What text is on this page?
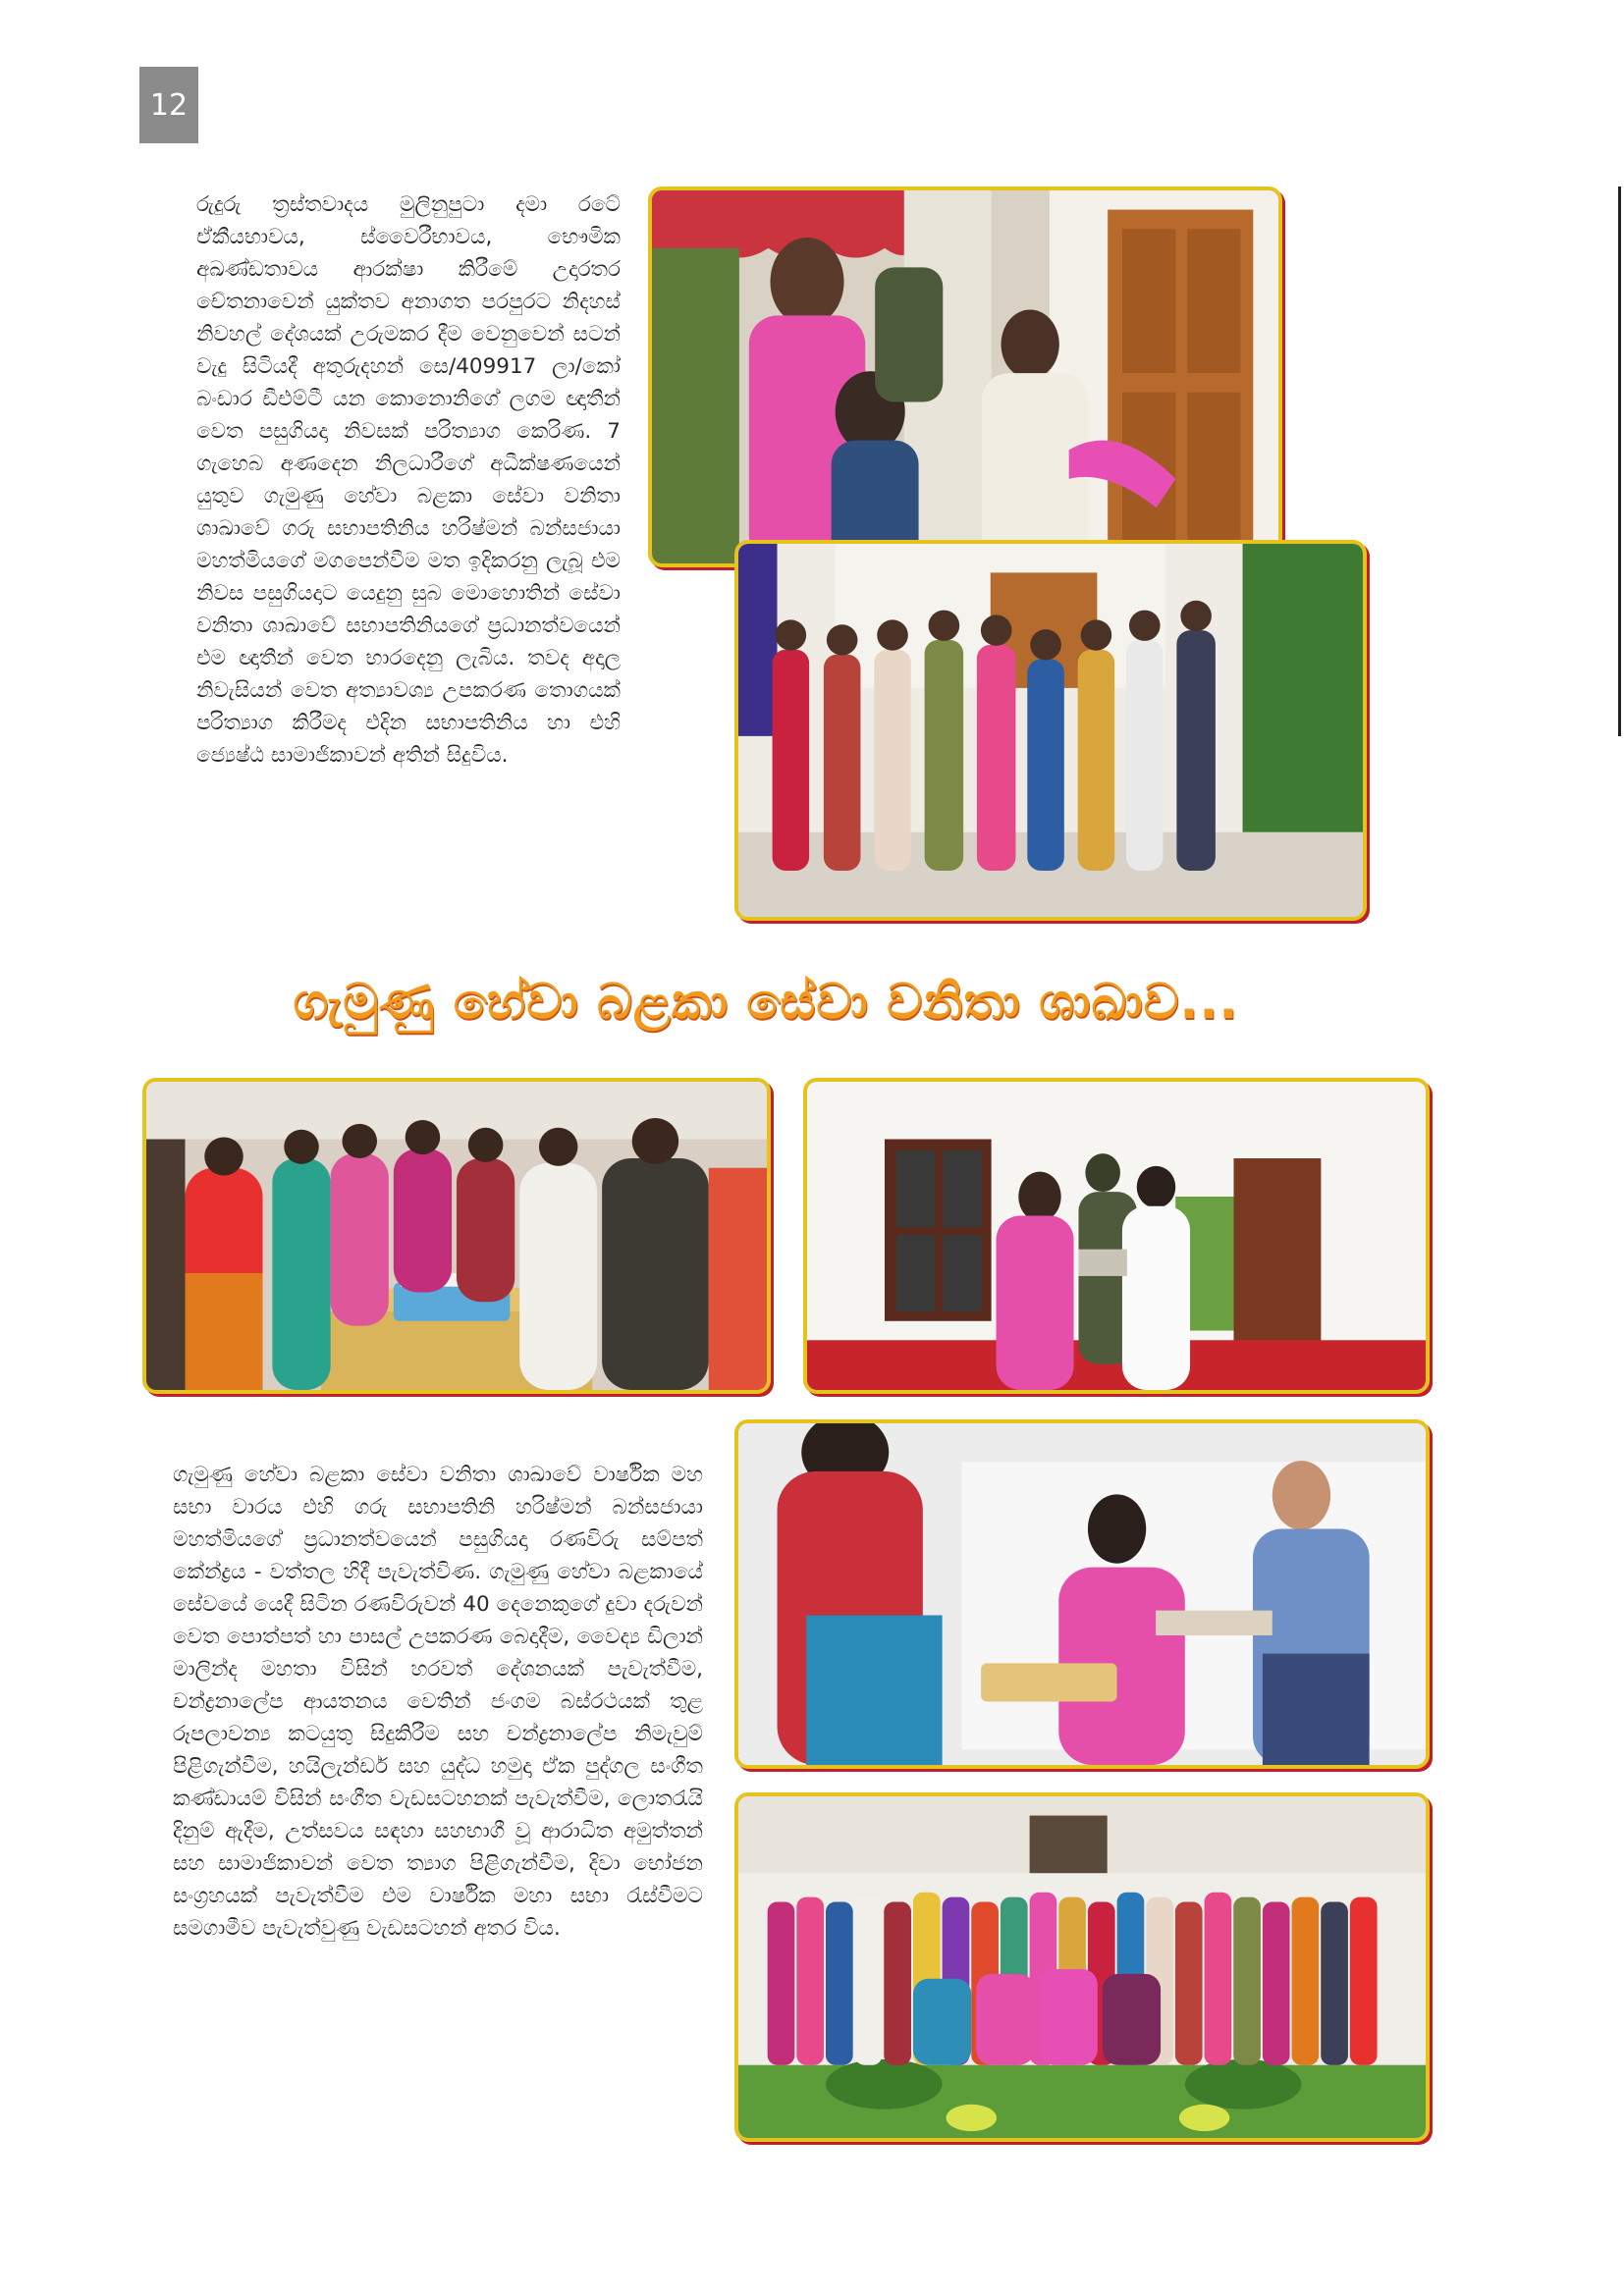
12

රුදුරු ත්‍රස්තවාදය මුලිනුපුටා දමා රටේ ඒකීයභාවය, ස්වෛරීභාවය, භෞමික අඛණ්ඩතාවය ආරක්ෂා කිරීමේ උදාරතර චේතනාවෙන් යුක්තව අනාගත පරපුරට නිදහස් නිවහල් දේශයක් උරුමකර දීම වෙනුවෙන් සටන් වැදු සිටියදී අතුරුදහන් සෙ/409917 ලා/කෝ බංඩාර ඩීඑම්ටී යන කොනොනිගේ ලගම ඥාතීන් වෙත පසුගියදා නිවසක් පරිත්‍යාග කෙරිණ. 7 ගැහෙබ අණදෙන නිලධාරීගේ අධීක්ෂණයෙන් යුතුව ගැමුණු හේවා බළකා සේවා වනිතා ශාඛාවේ ගරු සභාපතිනිය හරිෂ්මන් බන්සජායා මහත්මියගේ මගපෙන්වීම මත ඉදිකරනු ලැබූ එම නිවස පසුගියදාට යෙදුනු සුබ මොහොතින් සේවා වනිතා ශාඛාවේ සභාපතිනියගේ ප්‍රධානත්වයෙන් එම ඥාතීන් වෙත භාරදෙනු ලැබිය. තවද අදාල නිවැසියන් වෙත අත්‍යාවශ්‍ය උපකරණ තොගයක් පරිත්‍යාග කිරීමද එදින සභාපතිනිය හා එහි ජ්‍යෙෂ්ඨ සාමාජිකාවන් අතින් සිදුවිය.

ගැමුණු හේවා බළකා සේවා වනිතා ශාඛාව...

ගැමුණු හේවා බළකා සේවා වනිතා ශාඛාවේ වාර්ෂික මහ සභා වාරය එහි ගරු සභාපතිනි හරිෂ්මන් බන්සජායා මහත්මියගේ ප්‍රධානත්වයෙන් පසුගියදා රණවිරු සම්පත් කේන්ද්‍රය - වත්තල හිදී පැවැත්විණ. ගැමුණු හේවා බළකායේ සේවයේ යෙදී සිටින රණවිරුවන් 40 දෙනෙකුගේ දුවා දරුවන් වෙත පොත්පත් හා පාසල් උපකරණ බෙදාදීම, වෛද්‍ය ඩිලාන් මාලින්ද මහතා විසින් හරවත් දේශනයක් පැවැත්වීම, චන්ද්‍රනාලේප ආයතනය වෙතින් ජංගම බස්රථයක් තුළ රූපලාවන්‍ය කටයුතු සිදුකිරීම සහ චන්ද්‍රනාලේප නිමැවුම් පිළිගැන්වීම, හයිලැන්ඩර් සහ යුද්ධ හමුදා ඒක පුද්ගල සංගීත කණ්ඩායම් විසින් සංගීත වැඩසටහනක් පැවැත්වීම, ලොතරැයි දිනුම් ඇදීම, උත්සවය සඳහා සහභාගී වූ ආරාධිත අමුත්තන් සහ සාමාජිකාවන් වෙත ත්‍යාග පිළිගැන්වීම, දිවා භෝජන සංග්‍රහයක් පැවැත්වීම එම වාර්ෂික මහා සභා රැස්වීමට සමගාමීව පැවැත්වුණු වැඩසටහන් අතර විය.
